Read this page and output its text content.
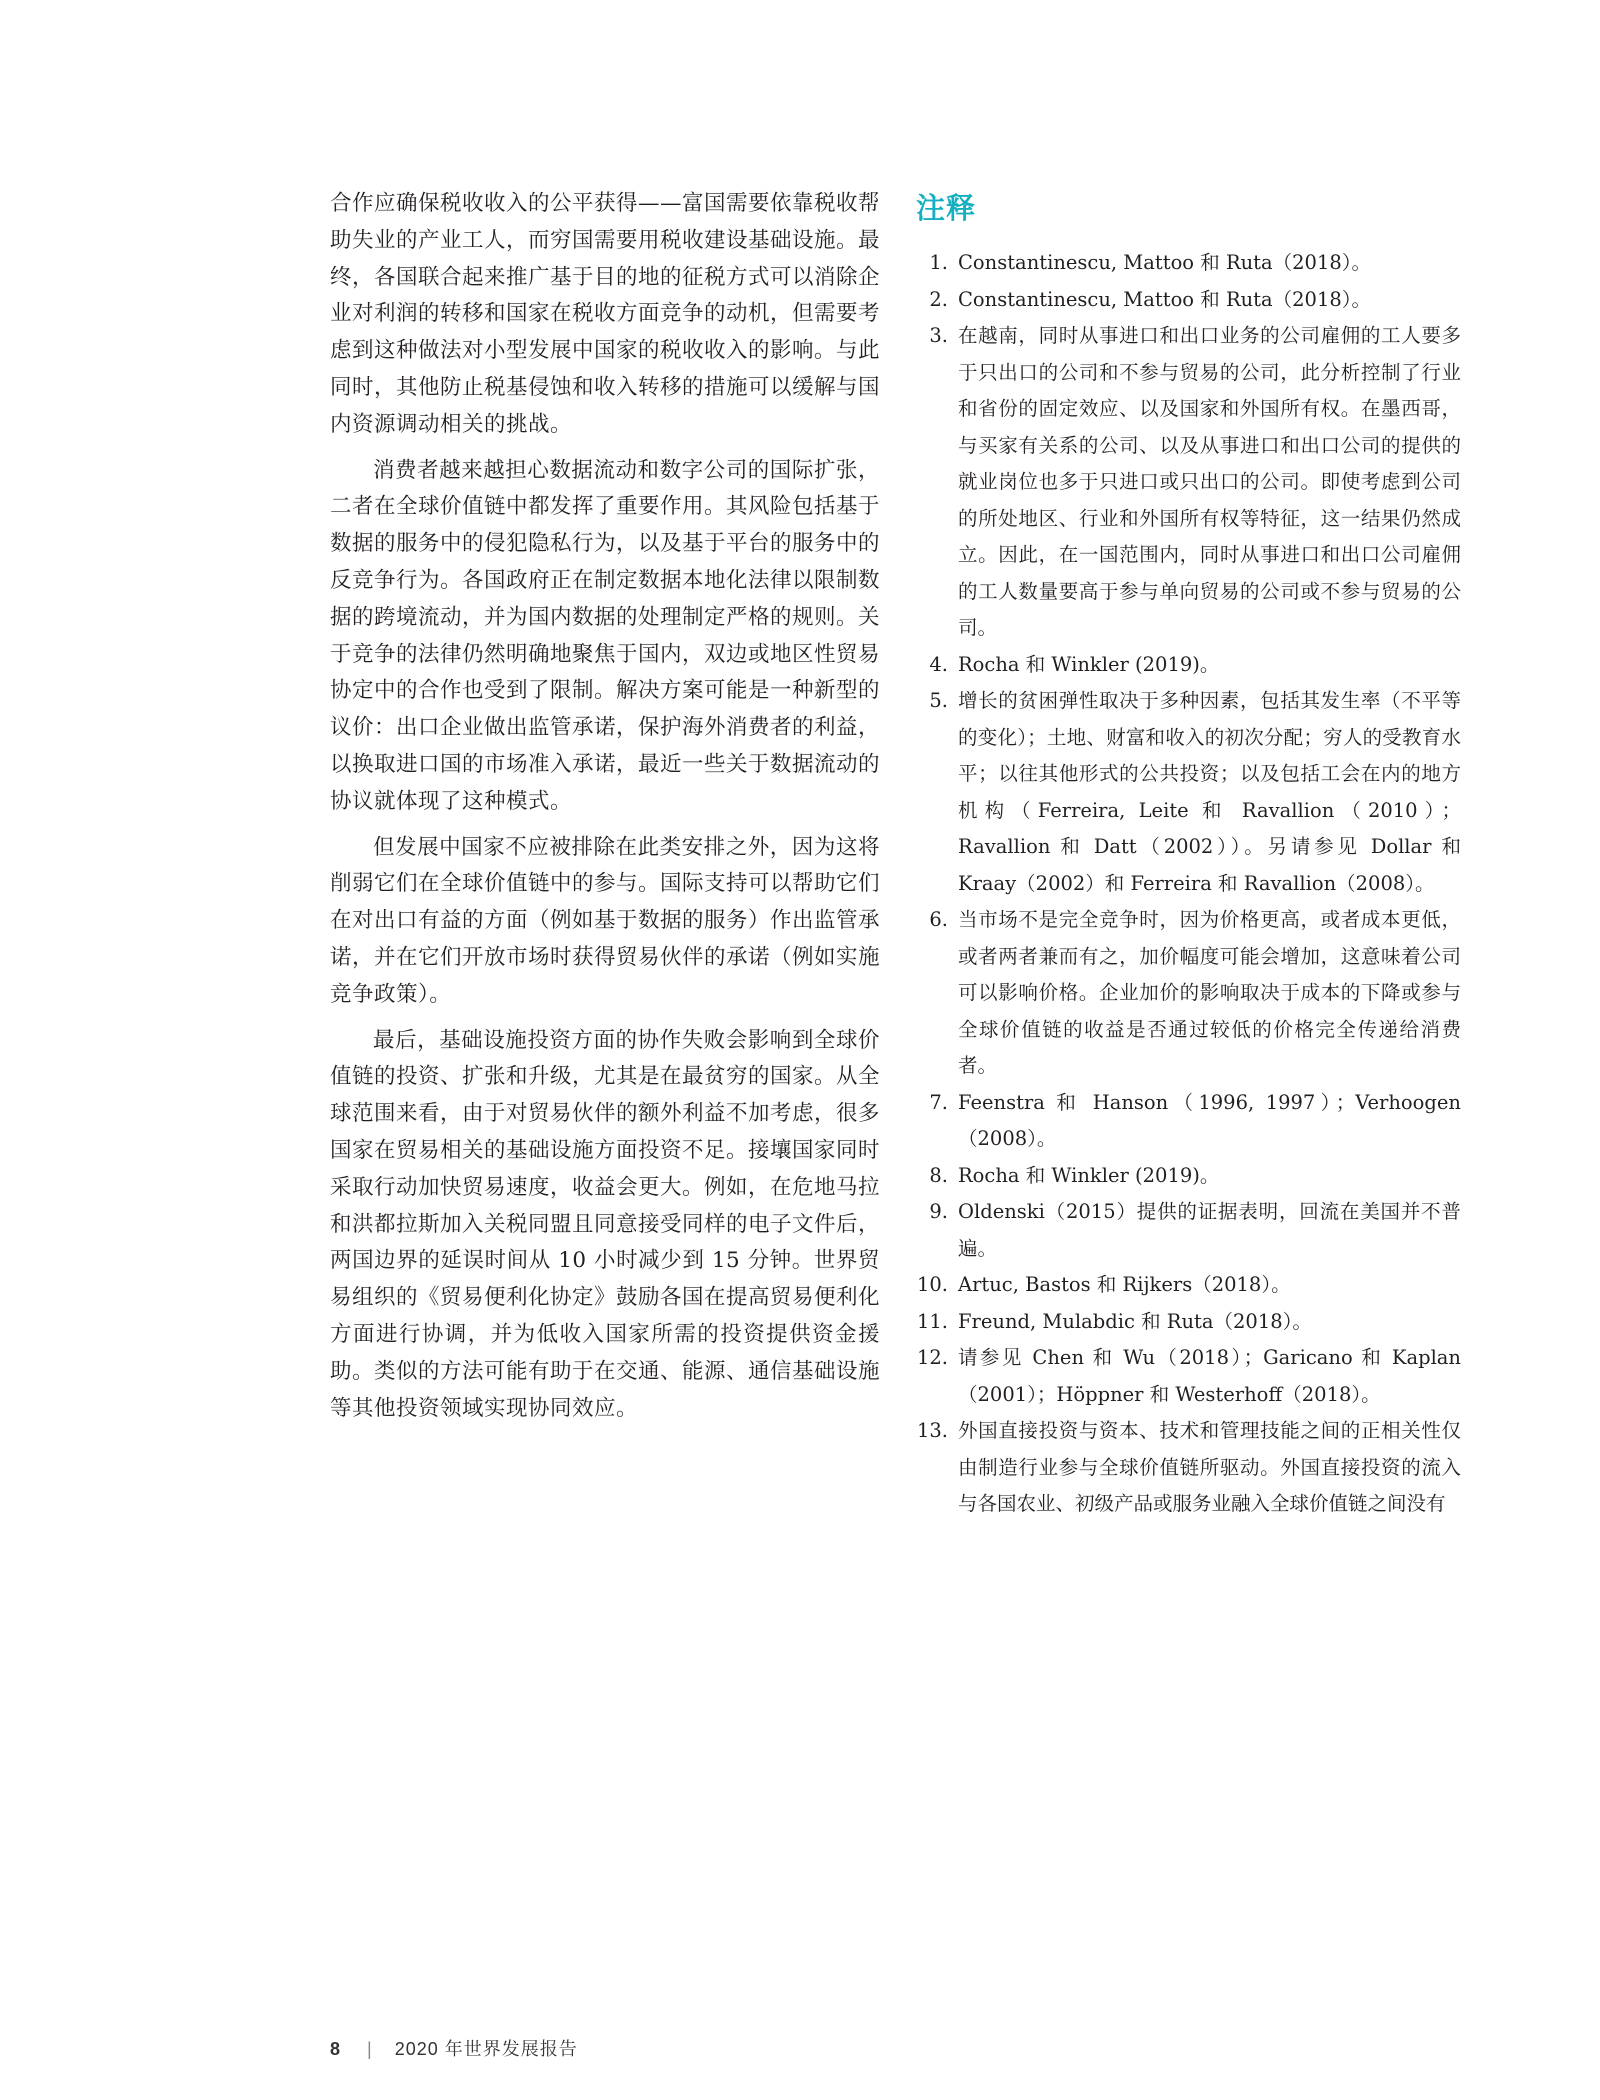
合作应确保税收收入的公平获得——富国需要依靠税收帮助失业的产业工人，而穷国需要用税收建设基础设施。最终，各国联合起来推广基于目的地的征税方式可以消除企业对利润的转移和国家在税收方面竞争的动机，但需要考虑到这种做法对小型发展中国家的税收收入的影响。与此同时，其他防止税基侵蚀和收入转移的措施可以缓解与国内资源调动相关的挑战。

消费者越来越担心数据流动和数字公司的国际扩张，二者在全球价值链中都发挥了重要作用。其风险包括基于数据的服务中的侵犯隐私行为，以及基于平台的服务中的反竞争行为。各国政府正在制定数据本地化法律以限制数据的跨境流动，并为国内数据的处理制定严格的规则。关于竞争的法律仍然明确地聚焦于国内，双边或地区性贸易协定中的合作也受到了限制。解决方案可能是一种新型的议价：出口企业做出监管承诺，保护海外消费者的利益，以换取进口国的市场准入承诺，最近一些关于数据流动的协议就体现了这种模式。

但发展中国家不应被排除在此类安排之外，因为这将削弱它们在全球价值链中的参与。国际支持可以帮助它们在对出口有益的方面（例如基于数据的服务）作出监管承诺，并在它们开放市场时获得贸易伙伴的承诺（例如实施竞争政策）。

最后，基础设施投资方面的协作失败会影响到全球价值链的投资、扩张和升级，尤其是在最贫穷的国家。从全球范围来看，由于对贸易伙伴的额外利益不加考虑，很多国家在贸易相关的基础设施方面投资不足。接壤国家同时采取行动加快贸易速度，收益会更大。例如，在危地马拉和洪都拉斯加入关税同盟且同意接受同样的电子文件后，两国边界的延误时间从 10 小时减少到 15 分钟。世界贸易组织的《贸易便利化协定》鼓励各国在提高贸易便利化方面进行协调，并为低收入国家所需的投资提供资金援助。类似的方法可能有助于在交通、能源、通信基础设施等其他投资领域实现协同效应。

注释
1. Constantinescu, Mattoo 和 Ruta（2018）。
2. Constantinescu, Mattoo 和 Ruta（2018）。
3. 在越南，同时从事进口和出口业务的公司雇佣的工人要多于只出口的公司和不参与贸易的公司，此分析控制了行业和省份的固定效应、以及国家和外国所有权。在墨西哥，与买家有关系的公司、以及从事进口和出口公司的提供的就业岗位也多于只进口或只出口的公司。即使考虑到公司的所处地区、行业和外国所有权等特征，这一结果仍然成立。因此，在一国范围内，同时从事进口和出口公司雇佣的工人数量要高于参与单向贸易的公司或不参与贸易的公司。
4. Rocha 和 Winkler (2019)。
5. 增长的贫困弹性取决于多种因素，包括其发生率（不平等的变化）；土地、财富和收入的初次分配；穷人的受教育水平；以往其他形式的公共投资；以及包括工会在内的地方机构（Ferreira, Leite 和 Ravallion（2010）；Ravallion 和 Datt（2002））。另请参见 Dollar 和 Kraay（2002）和 Ferreira 和 Ravallion（2008）。
6. 当市场不是完全竞争时，因为价格更高，或者成本更低，或者两者兼而有之，加价幅度可能会增加，这意味着公司可以影响价格。企业加价的影响取决于成本的下降或参与全球价值链的收益是否通过较低的价格完全传递给消费者。
7. Feenstra 和 Hanson（1996, 1997）；Verhoogen（2008）。
8. Rocha 和 Winkler (2019)。
9. Oldenski（2015）提供的证据表明，回流在美国并不普遍。
10. Artuc, Bastos 和 Rijkers（2018）。
11. Freund, Mulabdic 和 Ruta（2018）。
12. 请参见 Chen 和 Wu（2018）；Garicano 和 Kaplan（2001）；Höppner 和 Westerhoff（2018）。
13. 外国直接投资与资本、技术和管理技能之间的正相关性仅由制造行业参与全球价值链所驱动。外国直接投资的流入与各国农业、初级产品或服务业融入全球价值链之间没有
8 | 2020 年世界发展报告
